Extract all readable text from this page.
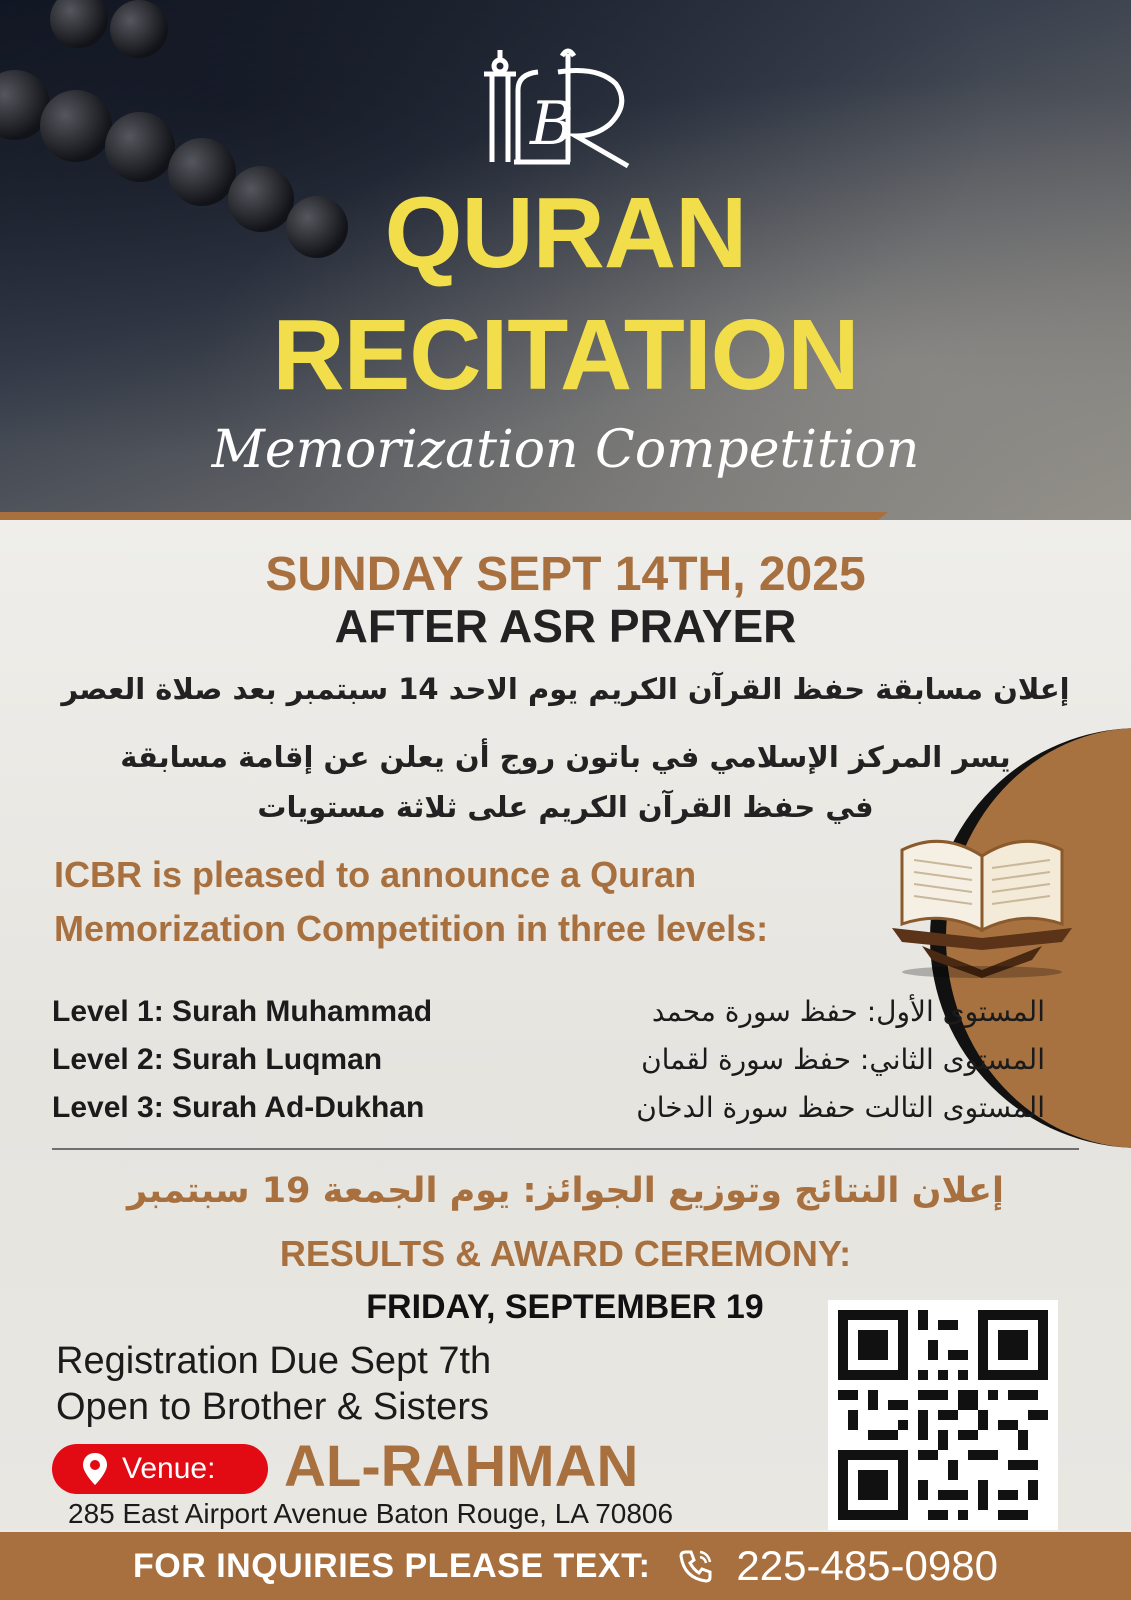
B
QURAN
RECITATION
Memorization Competition
SUNDAY SEPT 14TH, 2025
AFTER ASR PRAYER
إعلان مسابقة حفظ القرآن الكريم يوم الاحد 14 سبتمبر بعد صلاة العصر
يسر المركز الإسلامي في باتون روج أن يعلن عن إقامة مسابقة
في حفظ القرآن الكريم على ثلاثة مستويات
ICBR is pleased to announce a Quran
Memorization Competition in three levels:
Level 1: Surah Muhammad
Level 2: Surah Luqman
Level 3: Surah Ad-Dukhan
المستوى الأول: حفظ سورة محمد
المستوى الثاني: حفظ سورة لقمان
المستوى التالت حفظ سورة الدخان
إعلان النتائج وتوزيع الجوائز: يوم الجمعة 19 سبتمبر
RESULTS & AWARD CEREMONY:
FRIDAY, SEPTEMBER 19
Registration Due Sept 7th
Open to Brother & Sisters
Venue: AL-RAHMAN
285 East Airport Avenue Baton Rouge, LA 70806
FOR INQUIRIES PLEASE TEXT: 225-485-0980
